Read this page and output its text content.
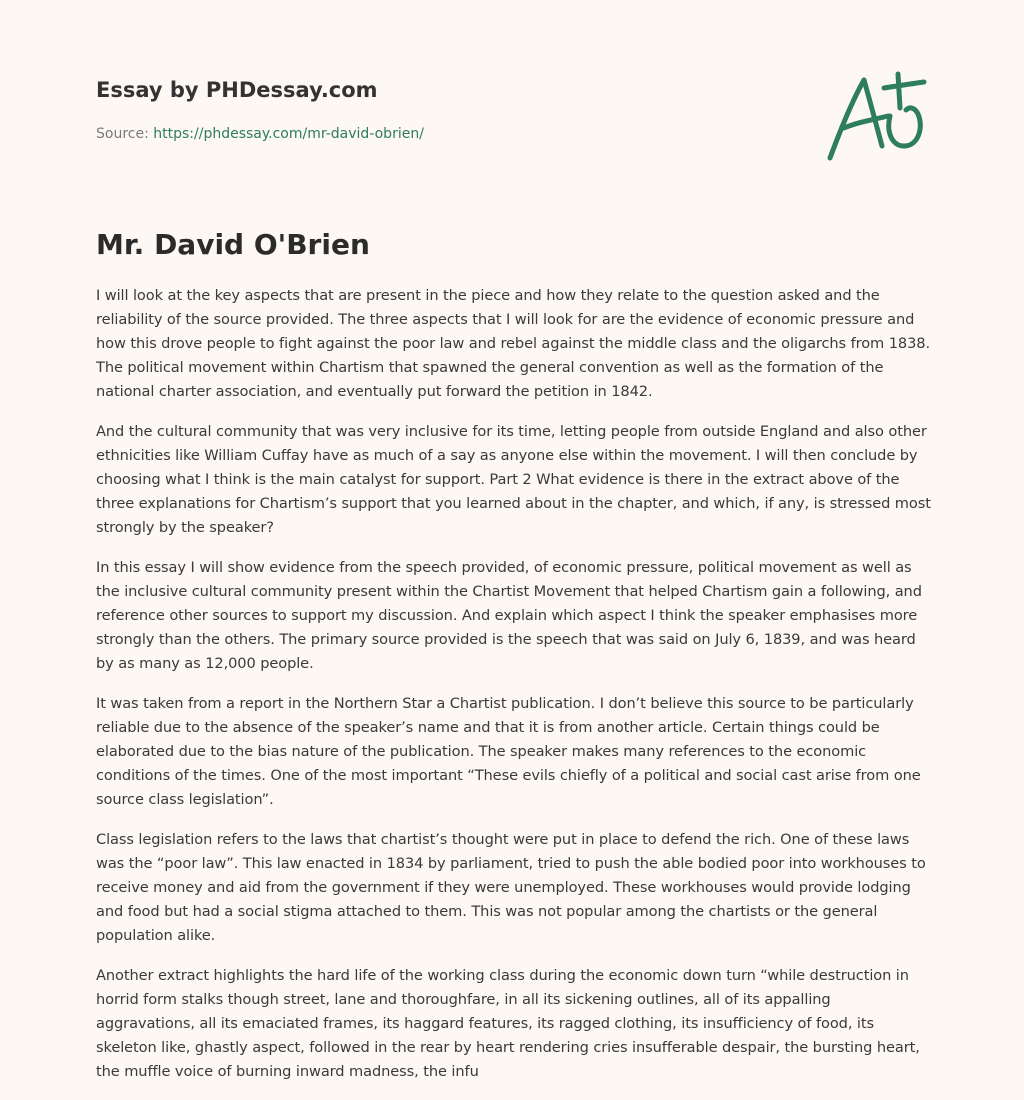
Essay by PHDessay.com
Source: https://phdessay.com/mr-david-obrien/
Mr. David O'Brien

I will look at the key aspects that are present in the piece and how they relate to the question asked and the reliability of the source provided. The three aspects that I will look for are the evidence of economic pressure and how this drove people to fight against the poor law and rebel against the middle class and the oligarchs from 1838. The political movement within Chartism that spawned the general convention as well as the formation of the national charter association, and eventually put forward the petition in 1842.

And the cultural community that was very inclusive for its time, letting people from outside England and also other ethnicities like William Cuffay have as much of a say as anyone else within the movement. I will then conclude by choosing what I think is the main catalyst for support. Part 2 What evidence is there in the extract above of the three explanations for Chartism’s support that you learned about in the chapter, and which, if any, is stressed most strongly by the speaker?

In this essay I will show evidence from the speech provided, of economic pressure, political movement as well as the inclusive cultural community present within the Chartist Movement that helped Chartism gain a following, and reference other sources to support my discussion. And explain which aspect I think the speaker emphasises more strongly than the others. The primary source provided is the speech that was said on July 6, 1839, and was heard by as many as 12,000 people.

It was taken from a report in the Northern Star a Chartist publication. I don’t believe this source to be particularly reliable due to the absence of the speaker’s name and that it is from another article. Certain things could be elaborated due to the bias nature of the publication. The speaker makes many references to the economic conditions of the times. One of the most important “These evils chiefly of a political and social cast arise from one source class legislation”.

Class legislation refers to the laws that chartist’s thought were put in place to defend the rich. One of these laws was the “poor law”. This law enacted in 1834 by parliament, tried to push the able bodied poor into workhouses to receive money and aid from the government if they were unemployed. These workhouses would provide lodging and food but had a social stigma attached to them. This was not popular among the chartists or the general population alike.

Another extract highlights the hard life of the working class during the economic down turn “while destruction in horrid form stalks though street, lane and thoroughfare, in all its sickening outlines, all of its appalling aggravations, all its emaciated frames, its haggard features, its ragged clothing, its insufficiency of food, its skeleton like, ghastly aspect, followed in the rear by heart rendering cries insufferable despair, the bursting heart, the muffle voice of burning inward madness, the infu
